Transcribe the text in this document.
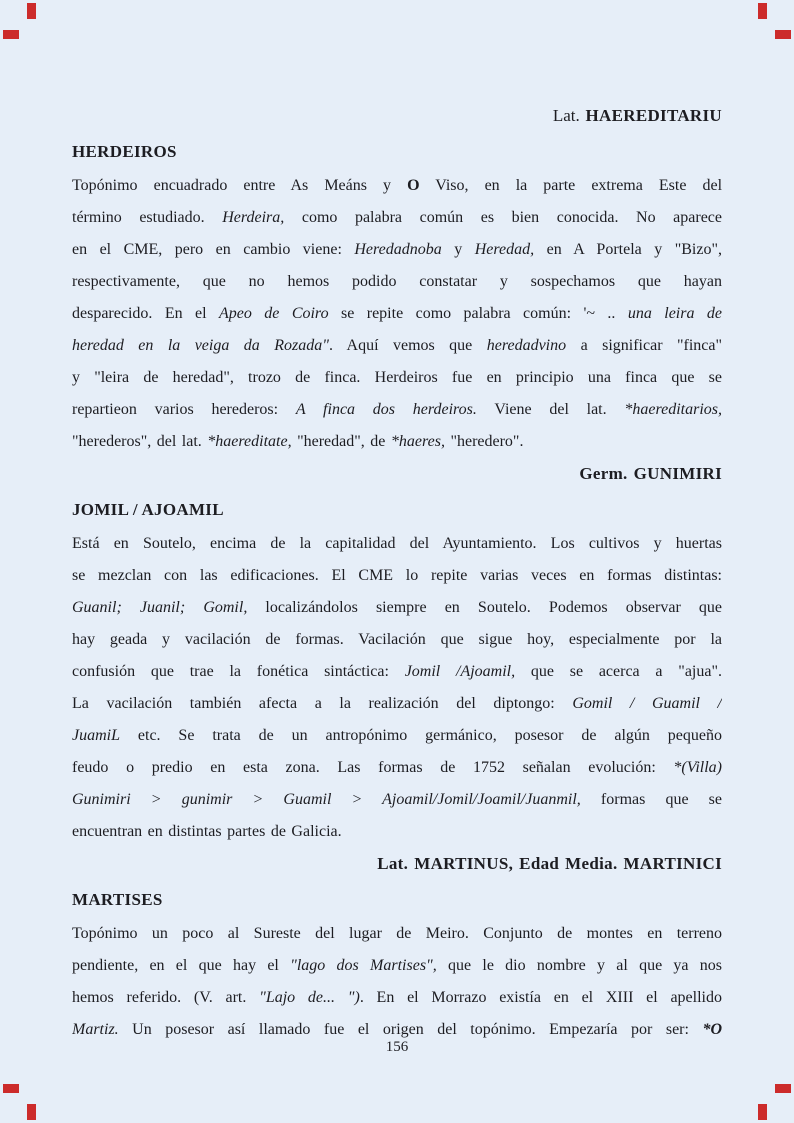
Lat. HAEREDITARIU
HERDEIROS
Topónimo encuadrado entre As Meáns y O Viso, en la parte extrema Este del
término estudiado. Herdeira, como palabra común es bien conocida. No aparece
en el CME, pero en cambio viene: Heredadnoba y Heredad, en A Portela y "Bizo",
respectivamente, que no hemos podido constatar y sospechamos que hayan
desparecido. En el Apeo de Coiro se repite como palabra común: '~ .. una leira de
heredad en la veiga da Rozada". Aquí vemos que heredadvino a significar "finca"
y "leira de heredad", trozo de finca. Herdeiros fue en principio una finca que se
repartieon varios herederos: A finca dos herdeiros. Viene del lat. *haereditarios,
"herederos", del lat. *haereditate, "heredad", de *haeres, "heredero".
Germ. GUNIMIRI
JOMIL / AJOAMIL
Está en Soutelo, encima de la capitalidad del Ayuntamiento. Los cultivos y huertas
se mezclan con las edificaciones. El CME lo repite varias veces en formas distintas:
Guanil; Juanil; Gomil, localizándolos siempre en Soutelo. Podemos observar que
hay geada y vacilación de formas. Vacilación que sigue hoy, especialmente por la
confusión que trae la fonética sintáctica: Jomil /Ajoamil, que se acerca a "ajua".
La vacilación también afecta a la realización del diptongo: Gomil / Guamil /
JuamiL etc. Se trata de un antropónimo germánico, posesor de algún pequeño
feudo o predio en esta zona. Las formas de 1752 señalan evolución: *(Villa)
Gunimiri > gunimir > Guamil > Ajoamil/Jomil/Joamil/Juanmil, formas que se
encuentran en distintas partes de Galicia.
Lat. MARTINUS, Edad Media. MARTINICI
MARTISES
Topónimo un poco al Sureste del lugar de Meiro. Conjunto de montes en terreno
pendiente, en el que hay el "lago dos Martises", que le dio nombre y al que ya nos
hemos referido. (V. art. "Lajo de... "). En el Morrazo existía en el XIII el apellido
Martiz. Un posesor así llamado fue el origen del topónimo. Empezaría por ser: *O
156
